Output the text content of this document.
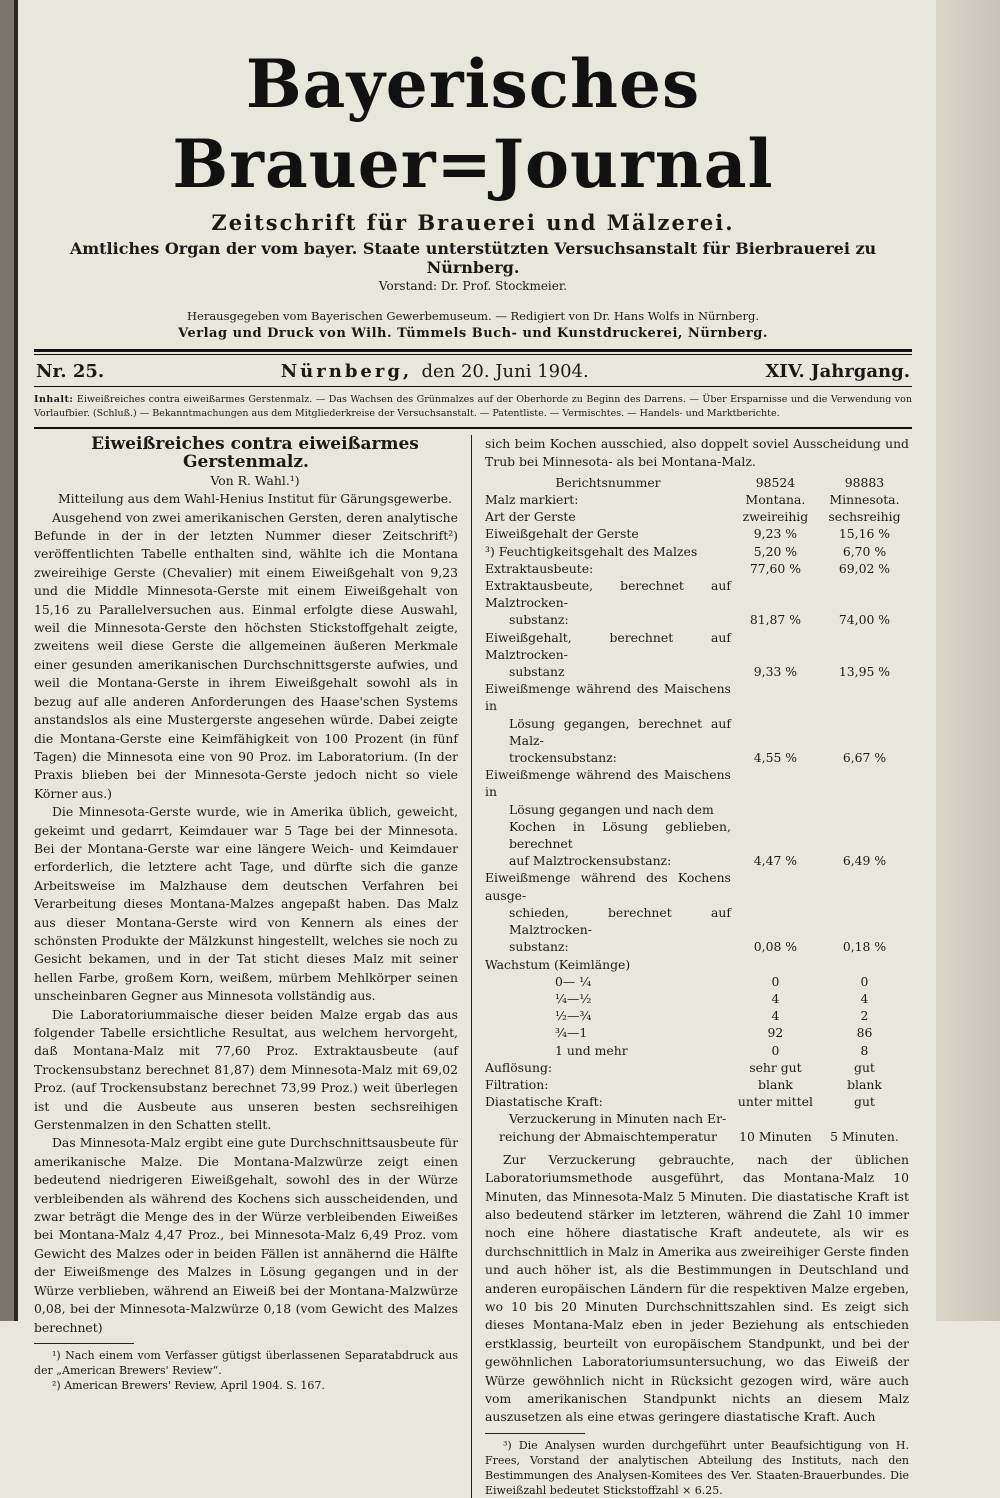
Bayerisches Brauer=Journal
Zeitschrift für Brauerei und Mälzerei.
Amtliches Organ der vom bayer. Staate unterstützten Versuchsanstalt für Bierbrauerei zu Nürnberg.
Vorstand: Dr. Prof. Stockmeier.
Herausgegeben vom Bayerischen Gewerbemuseum. — Redigiert von Dr. Hans Wolfs in Nürnberg.
Verlag und Druck von Wilh. Tümmels Buch- und Kunstdruckerei, Nürnberg.
Nr. 25.	Nürnberg, den 20. Juni 1904.	XIV. Jahrgang.
Inhalt: Eiweißreiches contra eiweißarmes Gerstenmalz. — Das Wachsen des Grünmalzes auf der Oberhorde zu Beginn des Darrens. — Über Ersparnisse und die Verwendung von Vorlaufbier. (Schluß.) — Bekanntmachungen aus dem Mitgliederkreise der Versuchsanstalt. — Patentliste. — Vermischtes. — Handels- und Marktberichte.

Eiweißreiches contra eiweißarmes Gerstenmalz.

Von R. Wahl.¹)

Mitteilung aus dem Wahl-Henius Institut für Gärungsgewerbe.

Ausgehend von zwei amerikanischen Gersten, deren analytische Befunde in der in der letzten Nummer dieser Zeitschrift²) veröffentlichten Tabelle enthalten sind, wählte ich die Montana zweireihige Gerste (Chevalier) mit einem Eiweißgehalt von 9,23 und die Middle Minnesota-Gerste mit einem Eiweißgehalt von 15,16 zu Parallelversuchen aus. Einmal erfolgte diese Auswahl, weil die Minnesota-Gerste den höchsten Stickstoffgehalt zeigte, zweitens weil diese Gerste die allgemeinen äußeren Merkmale einer gesunden amerikanischen Durchschnittsgerste aufwies, und weil die Montana-Gerste in ihrem Eiweißgehalt sowohl als in bezug auf alle anderen Anforderungen des Haase'schen Systems anstandslos als eine Mustergerste angesehen würde. Dabei zeigte die Montana-Gerste eine Keimfähigkeit von 100 Prozent (in fünf Tagen) die Minnesota eine von 90 Proz. im Laboratorium. (In der Praxis blieben bei der Minnesota-Gerste jedoch nicht so viele Körner aus.)

Die Minnesota-Gerste wurde, wie in Amerika üblich, geweicht, gekeimt und gedarrt, Keimdauer war 5 Tage bei der Minnesota. Bei der Montana-Gerste war eine längere Weich- und Keimdauer erforderlich, die letztere acht Tage, und dürfte sich die ganze Arbeitsweise im Malzhause dem deutschen Verfahren bei Verarbeitung dieses Montana-Malzes angepaßt haben. Das Malz aus dieser Montana-Gerste wird von Kennern als eines der schönsten Produkte der Mälzkunst hingestellt, welches sie noch zu Gesicht bekamen, und in der Tat sticht dieses Malz mit seiner hellen Farbe, großem Korn, weißem, mürbem Mehlkörper seinen unscheinbaren Gegner aus Minnesota vollständig aus.

Die Laboratoriummaische dieser beiden Malze ergab das aus folgender Tabelle ersichtliche Resultat, aus welchem hervorgeht, daß Montana-Malz mit 77,60 Proz. Extraktausbeute (auf Trockensubstanz berechnet 81,87) dem Minnesota-Malz mit 69,02 Proz. (auf Trockensubstanz berechnet 73,99 Proz.) weit überlegen ist und die Ausbeute aus unseren besten sechsreihigen Gerstenmalzen in den Schatten stellt.

Das Minnesota-Malz ergibt eine gute Durchschnittsausbeute für amerikanische Malze. Die Montana-Malzwürze zeigt einen bedeutend niedrigeren Eiweißgehalt, sowohl des in der Würze verbleibenden als während des Kochens sich ausscheidenden, und zwar beträgt die Menge des in der Würze verbleibenden Eiweißes bei Montana-Malz 4,47 Proz., bei Minnesota-Malz 6,49 Proz. vom Gewicht des Malzes oder in beiden Fällen ist annähernd die Hälfte der Eiweißmenge des Malzes in Lösung gegangen und in der Würze verblieben, während an Eiweiß bei der Montana-Malzwürze 0,08, bei der Minnesota-Malzwürze 0,18 (vom Gewicht des Malzes berechnet)

¹) Nach einem vom Verfasser gütigst überlassenen Separatabdruck aus der „American Brewers' Review“.

²) American Brewers' Review, April 1904. S. 167.

sich beim Kochen ausschied, also doppelt soviel Ausscheidung und Trub bei Minnesota- als bei Montana-Malz.

Berichtsnummer	98524	98883
Malz markiert:	Montana.	Minnesota.
Art der Gerste	zweireihig	sechsreihig
Eiweißgehalt der Gerste	9,23 %	15,16 %
³) Feuchtigkeitsgehalt des Malzes	5,20 %	6,70 %
Extraktausbeute:	77,60 %	69,02 %
Extraktausbeute, berechnet auf Malztrocken-		
substanz:	81,87 %	74,00 %
Eiweißgehalt, berechnet auf Malztrocken-		
substanz	9,33 %	13,95 %
Eiweißmenge während des Maischens in		
Lösung gegangen, berechnet auf Malz-		
trockensubstanz:	4,55 %	6,67 %
Eiweißmenge während des Maischens in		
Lösung gegangen und nach dem		
Kochen in Lösung geblieben, berechnet		
auf Malztrockensubstanz:	4,47 %	6,49 %
Eiweißmenge während des Kochens ausge-		
schieden, berechnet auf Malztrocken-		
substanz:	0,08 %	0,18 %
Wachstum (Keimlänge)		
0— ¼	0	0
¼—½	4	4
½—¾	4	2
¾—1	92	86
1 und mehr	0	8
Auflösung:	sehr gut	gut
Filtration:	blank	blank
Diastatische Kraft:	unter mittel	gut
Verzuckerung in Minuten nach Er-		
reichung der Abmaischtemperatur	10 Minuten	5 Minuten.

Zur Verzuckerung gebrauchte, nach der üblichen Laboratoriumsmethode ausgeführt, das Montana-Malz 10 Minuten, das Minnesota-Malz 5 Minuten. Die diastatische Kraft ist also bedeutend stärker im letzteren, während die Zahl 10 immer noch eine höhere diastatische Kraft andeutete, als wir es durchschnittlich in Malz in Amerika aus zweireihiger Gerste finden und auch höher ist, als die Bestimmungen in Deutschland und anderen europäischen Ländern für die respektiven Malze ergeben, wo 10 bis 20 Minuten Durchschnittszahlen sind. Es zeigt sich dieses Montana-Malz eben in jeder Beziehung als entschieden erstklassig, beurteilt von europäischem Standpunkt, und bei der gewöhnlichen Laboratoriumsuntersuchung, wo das Eiweiß der Würze gewöhnlich nicht in Rücksicht gezogen wird, wäre auch vom amerikanischen Standpunkt nichts an diesem Malz auszusetzen als eine etwas geringere diastatische Kraft. Auch

³) Die Analysen wurden durchgeführt unter Beaufsichtigung von H. Frees, Vorstand der analytischen Abteilung des Instituts, nach den Bestimmungen des Analysen-Komitees des Ver. Staaten-Brauerbundes. Die Eiweißzahl bedeutet Stickstoffzahl × 6.25.
